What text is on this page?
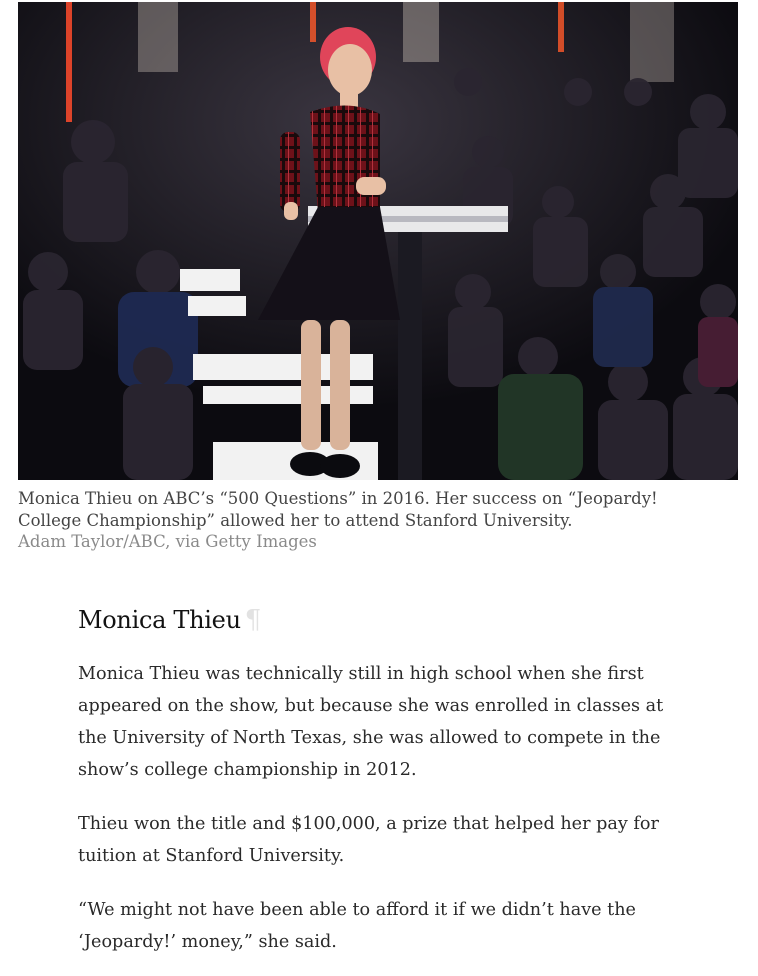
Monica Thieu on ABC’s “500 Questions” in 2016. Her success on “Jeopardy! College Championship” allowed her to attend Stanford University.
Adam Taylor/ABC, via Getty Images
Monica Thieu ¶

Monica Thieu was technically still in high school when she first appeared on the show, but because she was enrolled in classes at the University of North Texas, she was allowed to compete in the show’s college championship in 2012.

Thieu won the title and $100,000, a prize that helped her pay for tuition at Stanford University.

“We might not have been able to afford it if we didn’t have the ‘Jeopardy!’ money,” she said.
